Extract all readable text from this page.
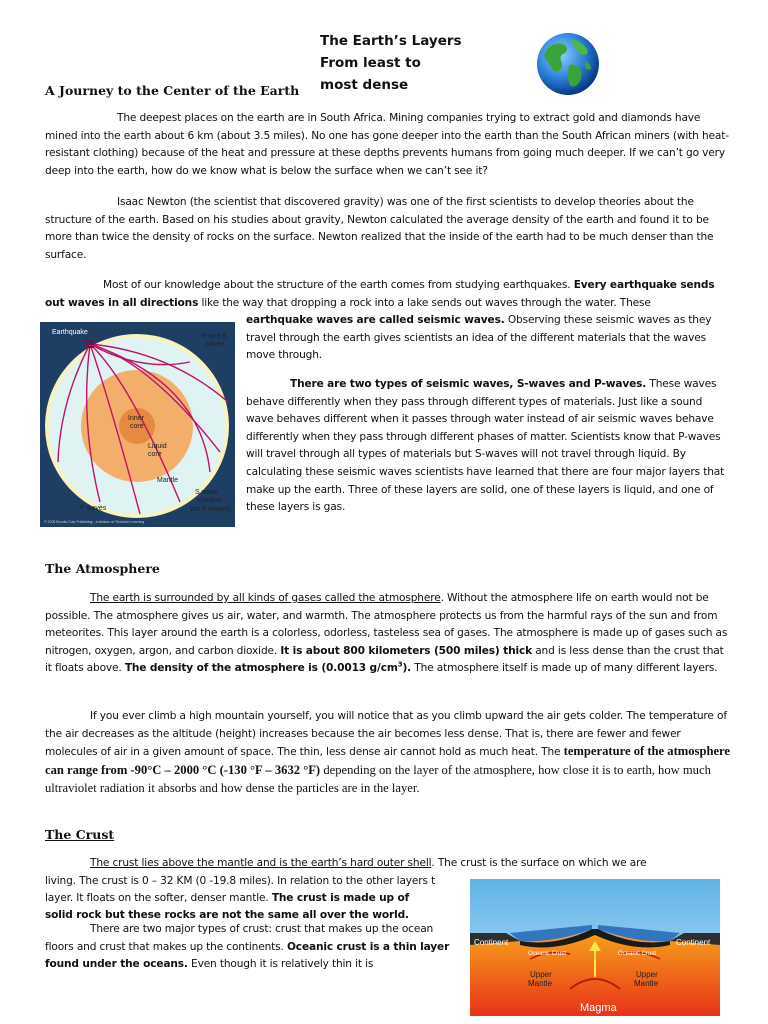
The Earth’s Layers
From least to
most dense
A Journey to the Center of the Earth

The deepest places on the earth are in South Africa. Mining companies trying to extract gold and diamonds have mined into the earth about 6 km (about 3.5 miles). No one has gone deeper into the earth than the South African miners (with heat-resistant clothing) because of the heat and pressure at these depths prevents humans from going much deeper. If we can’t go very deep into the earth, how do we know what is below the surface when we can’t see it?

Isaac Newton (the scientist that discovered gravity) was one of the first scientists to develop theories about the structure of the earth. Based on his studies about gravity, Newton calculated the average density of the earth and found it to be more than twice the density of rocks on the surface. Newton realized that the inside of the earth had to be much denser than the surface.

Most of our knowledge about the structure of the earth comes from studying earthquakes. Every earthquake sends out waves in all directions like the way that dropping a rock into a lake sends out waves through the water. These

Earthquake
P and S
waves
Inner
core
Liquid
core
Mantle
P waves
S wave
shadow
(no S waves)
© 2005 Brooks Cole Publishing - a division of Thomson Learning

earthquake waves are called seismic waves. Observing these seismic waves as they travel through the earth gives scientists an idea of the different materials that the waves move through.

There are two types of seismic waves, S-waves and P-waves. These waves behave differently when they pass through different types of materials. Just like a sound wave behaves different when it passes through water instead of air seismic waves behave differently when they pass through different phases of matter. Scientists know that P-waves will travel through all types of materials but S-waves will not travel through liquid. By calculating these seismic waves scientists have learned that there are four major layers that make up the earth. Three of these layers are solid, one of these layers is liquid, and one of these layers is gas.

The Atmosphere

The earth is surrounded by all kinds of gases called the atmosphere. Without the atmosphere life on earth would not be possible. The atmosphere gives us air, water, and warmth. The atmosphere protects us from the harmful rays of the sun and from meteorites. This layer around the earth is a colorless, odorless, tasteless sea of gases. The atmosphere is made up of gases such as nitrogen, oxygen, argon, and carbon dioxide. It is about 800 kilometers (500 miles) thick and is less dense than the crust that it floats above. The density of the atmosphere is (0.0013 $g/cm^3$). The atmosphere itself is made up of many different layers.

If you ever climb a high mountain yourself, you will notice that as you climb upward the air gets colder. The temperature of the air decreases as the altitude (height) increases because the air becomes less dense. That is, there are fewer and fewer molecules of air in a given amount of space. The thin, less dense air cannot hold as much heat. The temperature of the atmosphere can range from -90°C – 2000 °C (-130 °F – 3632 °F) depending on the layer of the atmosphere, how close it is to earth, how much ultraviolet radiation it absorbs and how dense the particles are in the layer.

The Crust

The crust lies above the mantle and is the earth’s hard outer shell. The crust is the surface on which we are

living. The crust is 0 – 32 KM (0 -19.8 miles). In relation to the other layers t

layer. It floats on the softer, denser mantle. The crust is made up of

solid rock but these rocks are not the same all over the world.

There are two major types of crust: crust that makes up the ocean floors and crust that makes up the continents. Oceanic crust is a thin layer found under the oceans. Even though it is relatively thin it is

Continent	Continent
Oceanic Crust	Oceanic Crust
Upper
Mantle
Upper
Mantle
Magma
